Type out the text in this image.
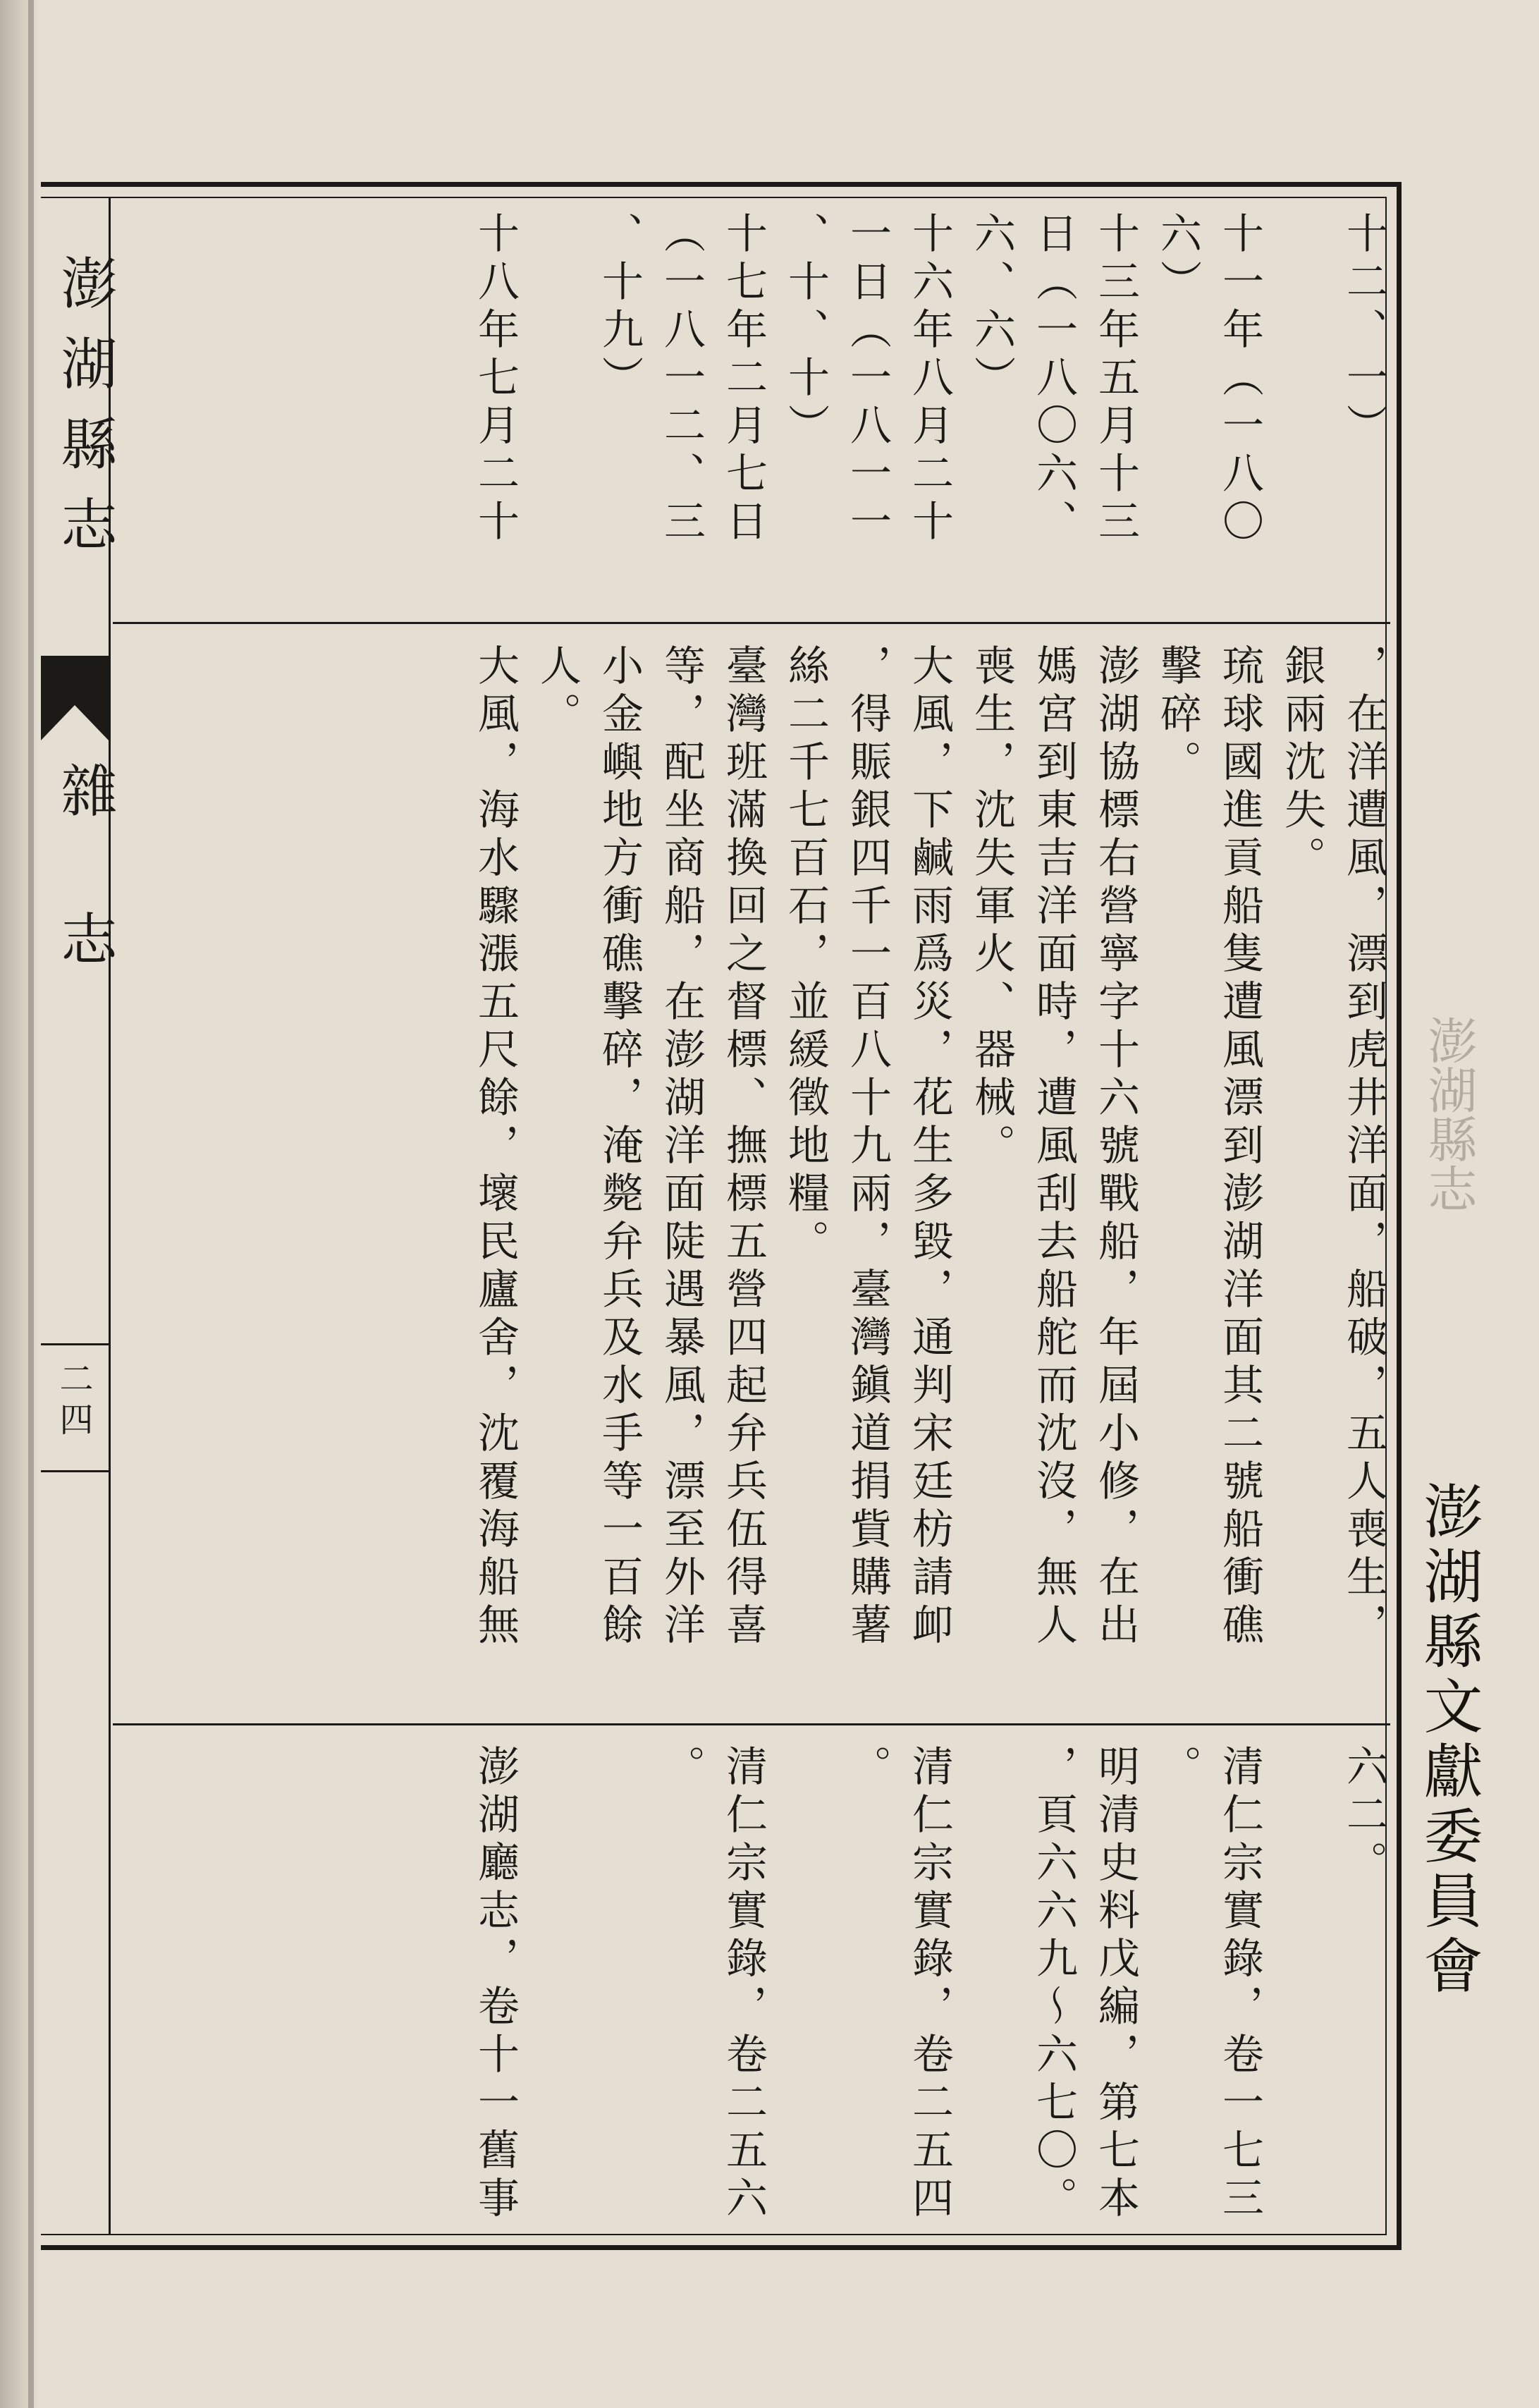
澎湖縣志
雜志
二四
十二、一）
，在洋遭風，漂到虎井洋面，船破，五人喪生，
銀兩沈失。
六二。
十一年（一八〇
六）
琉球國進貢船隻遭風漂到澎湖洋面其二號船衝礁
擊碎。
清仁宗實錄，卷一七三
。
十三年五月十三
日（一八〇六、
六、六）
澎湖協標右營寧字十六號戰船，年屆小修，在出
媽宮到東吉洋面時，遭風刮去船舵而沈沒，無人
喪生，沈失軍火、器械。
明清史料戊編，第七本
，頁六六九～六七〇。
十六年八月二十
一日（一八一一
、十、十）
大風，下鹹雨爲災，花生多毀，通判宋廷枋請卹
，得賑銀四千一百八十九兩，臺灣鎭道捐貲購薯
絲二千七百石，並緩徵地糧。
清仁宗實錄，卷二五四
。
十七年二月七日
（一八一二、三
、十九）
臺灣班滿換回之督標、撫標五營四起弁兵伍得喜
等，配坐商船，在澎湖洋面陡遇暴風，漂至外洋
小金嶼地方衝礁擊碎，淹斃弁兵及水手等一百餘
人。
清仁宗實錄，卷二五六
。
十八年七月二十
大風，海水驟漲五尺餘，壞民廬舍，沈覆海船無
澎湖廳志，卷十一舊事
澎湖縣志
澎湖縣文獻委員會
